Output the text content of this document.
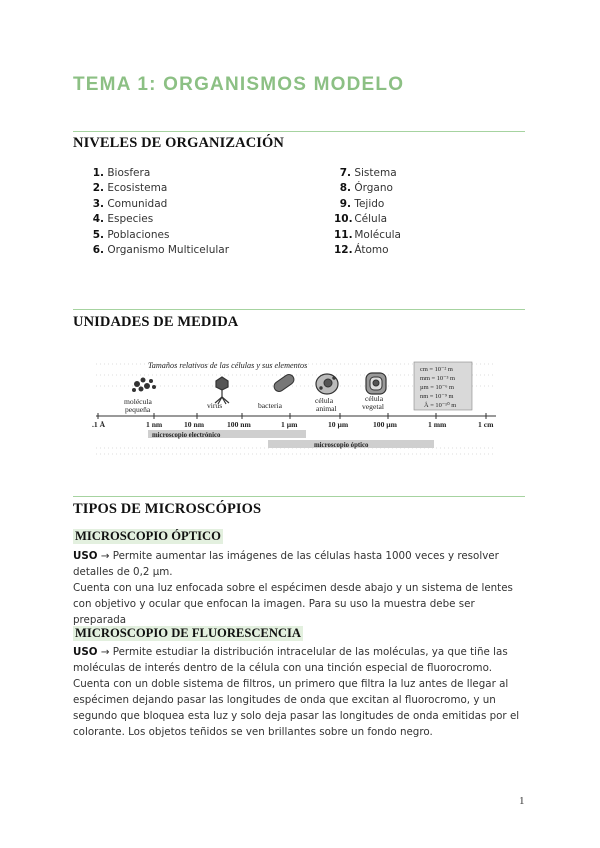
TEMA 1: ORGANISMOS MODELO
NIVELES DE ORGANIZACIÓN
1. Biosfera
2. Ecosistema
3. Comunidad
4. Especies
5. Poblaciones
6. Organismo Multicelular
7. Sistema
8. Órgano
9. Tejido
10. Célula
11. Molécula
12. Átomo
UNIDADES DE MEDIDA
Tamaños relativos de las células y sus elementos
molécula pequeña	virus	bacteria
célula animal
célula vegetal
cm = 10⁻² m
mm = 10⁻³ m
µm = 10⁻⁶ m
nm = 10⁻⁹ m
Å = 10⁻¹⁰ m
.1 Å	1 nm	10 nm	100 nm	1 µm	10 µm	100 µm	1 mm	1 cm
microscopio electrónico
microscopio óptico
TIPOS DE MICROSCÓPIOS
MICROSCOPIO ÓPTICO
USO → Permite aumentar las imágenes de las células hasta 1000 veces y resolver detalles de 0,2 µm.
Cuenta con una luz enfocada sobre el espécimen desde abajo y un sistema de lentes con objetivo y ocular que enfocan la imagen. Para su uso la muestra debe ser preparada
MICROSCOPIO DE FLUORESCENCIA
USO → Permite estudiar la distribución intracelular de las moléculas, ya que tiñe las moléculas de interés dentro de la célula con una tinción especial de fluorocromo.
Cuenta con un doble sistema de filtros, un primero que filtra la luz antes de llegar al espécimen dejando pasar las longitudes de onda que excitan al fluorocromo, y un segundo que bloquea esta luz y solo deja pasar las longitudes de onda emitidas por el colorante. Los objetos teñidos se ven brillantes sobre un fondo negro.
1
